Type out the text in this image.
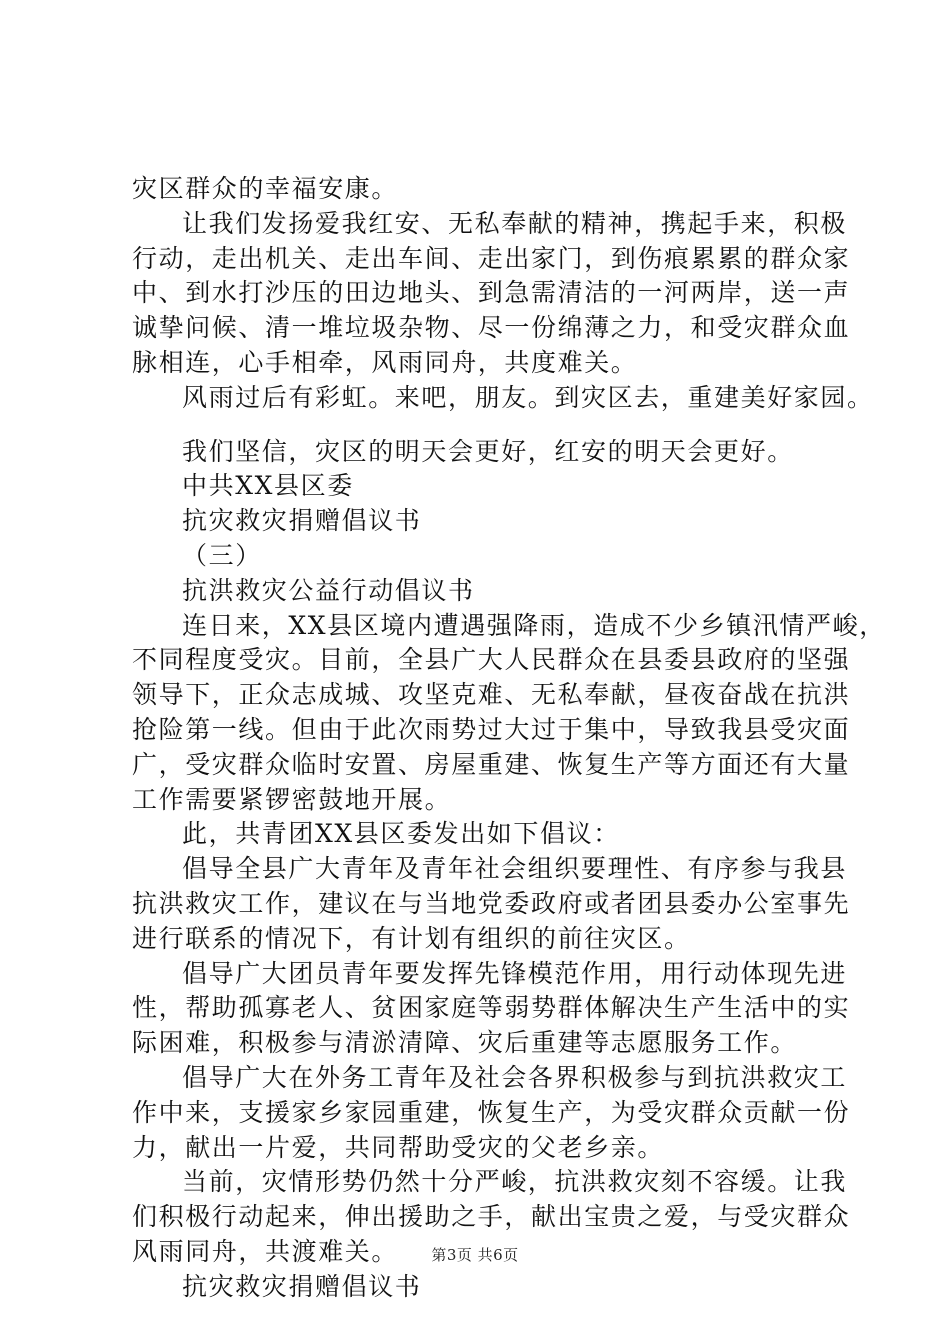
灾区群众的幸福安康。
让我们发扬爱我红安、无私奉献的精神，携起手来，积极
行动，走出机关、走出车间、走出家门，到伤痕累累的群众家
中、到水打沙压的田边地头、到急需清洁的一河两岸，送一声
诚挚问候、清一堆垃圾杂物、尽一份绵薄之力，和受灾群众血
脉相连，心手相牵，风雨同舟，共度难关。
风雨过后有彩虹。来吧，朋友。到灾区去，重建美好家园。
我们坚信，灾区的明天会更好，红安的明天会更好。
中共XX县区委
抗灾救灾捐赠倡议书
（三）
抗洪救灾公益行动倡议书
连日来，XX县区境内遭遇强降雨，造成不少乡镇汛情严峻，
不同程度受灾。目前，全县广大人民群众在县委县政府的坚强
领导下，正众志成城、攻坚克难、无私奉献，昼夜奋战在抗洪
抢险第一线。但由于此次雨势过大过于集中，导致我县受灾面
广，受灾群众临时安置、房屋重建、恢复生产等方面还有大量
工作需要紧锣密鼓地开展。
此，共青团XX县区委发出如下倡议：
倡导全县广大青年及青年社会组织要理性、有序参与我县
抗洪救灾工作，建议在与当地党委政府或者团县委办公室事先
进行联系的情况下，有计划有组织的前往灾区。
倡导广大团员青年要发挥先锋模范作用，用行动体现先进
性，帮助孤寡老人、贫困家庭等弱势群体解决生产生活中的实
际困难，积极参与清淤清障、灾后重建等志愿服务工作。
倡导广大在外务工青年及社会各界积极参与到抗洪救灾工
作中来，支援家乡家园重建，恢复生产，为受灾群众贡献一份
力，献出一片爱，共同帮助受灾的父老乡亲。
当前，灾情形势仍然十分严峻，抗洪救灾刻不容缓。让我
们积极行动起来，伸出援助之手，献出宝贵之爱，与受灾群众
风雨同舟，共渡难关。
抗灾救灾捐赠倡议书
第3页 共6页
